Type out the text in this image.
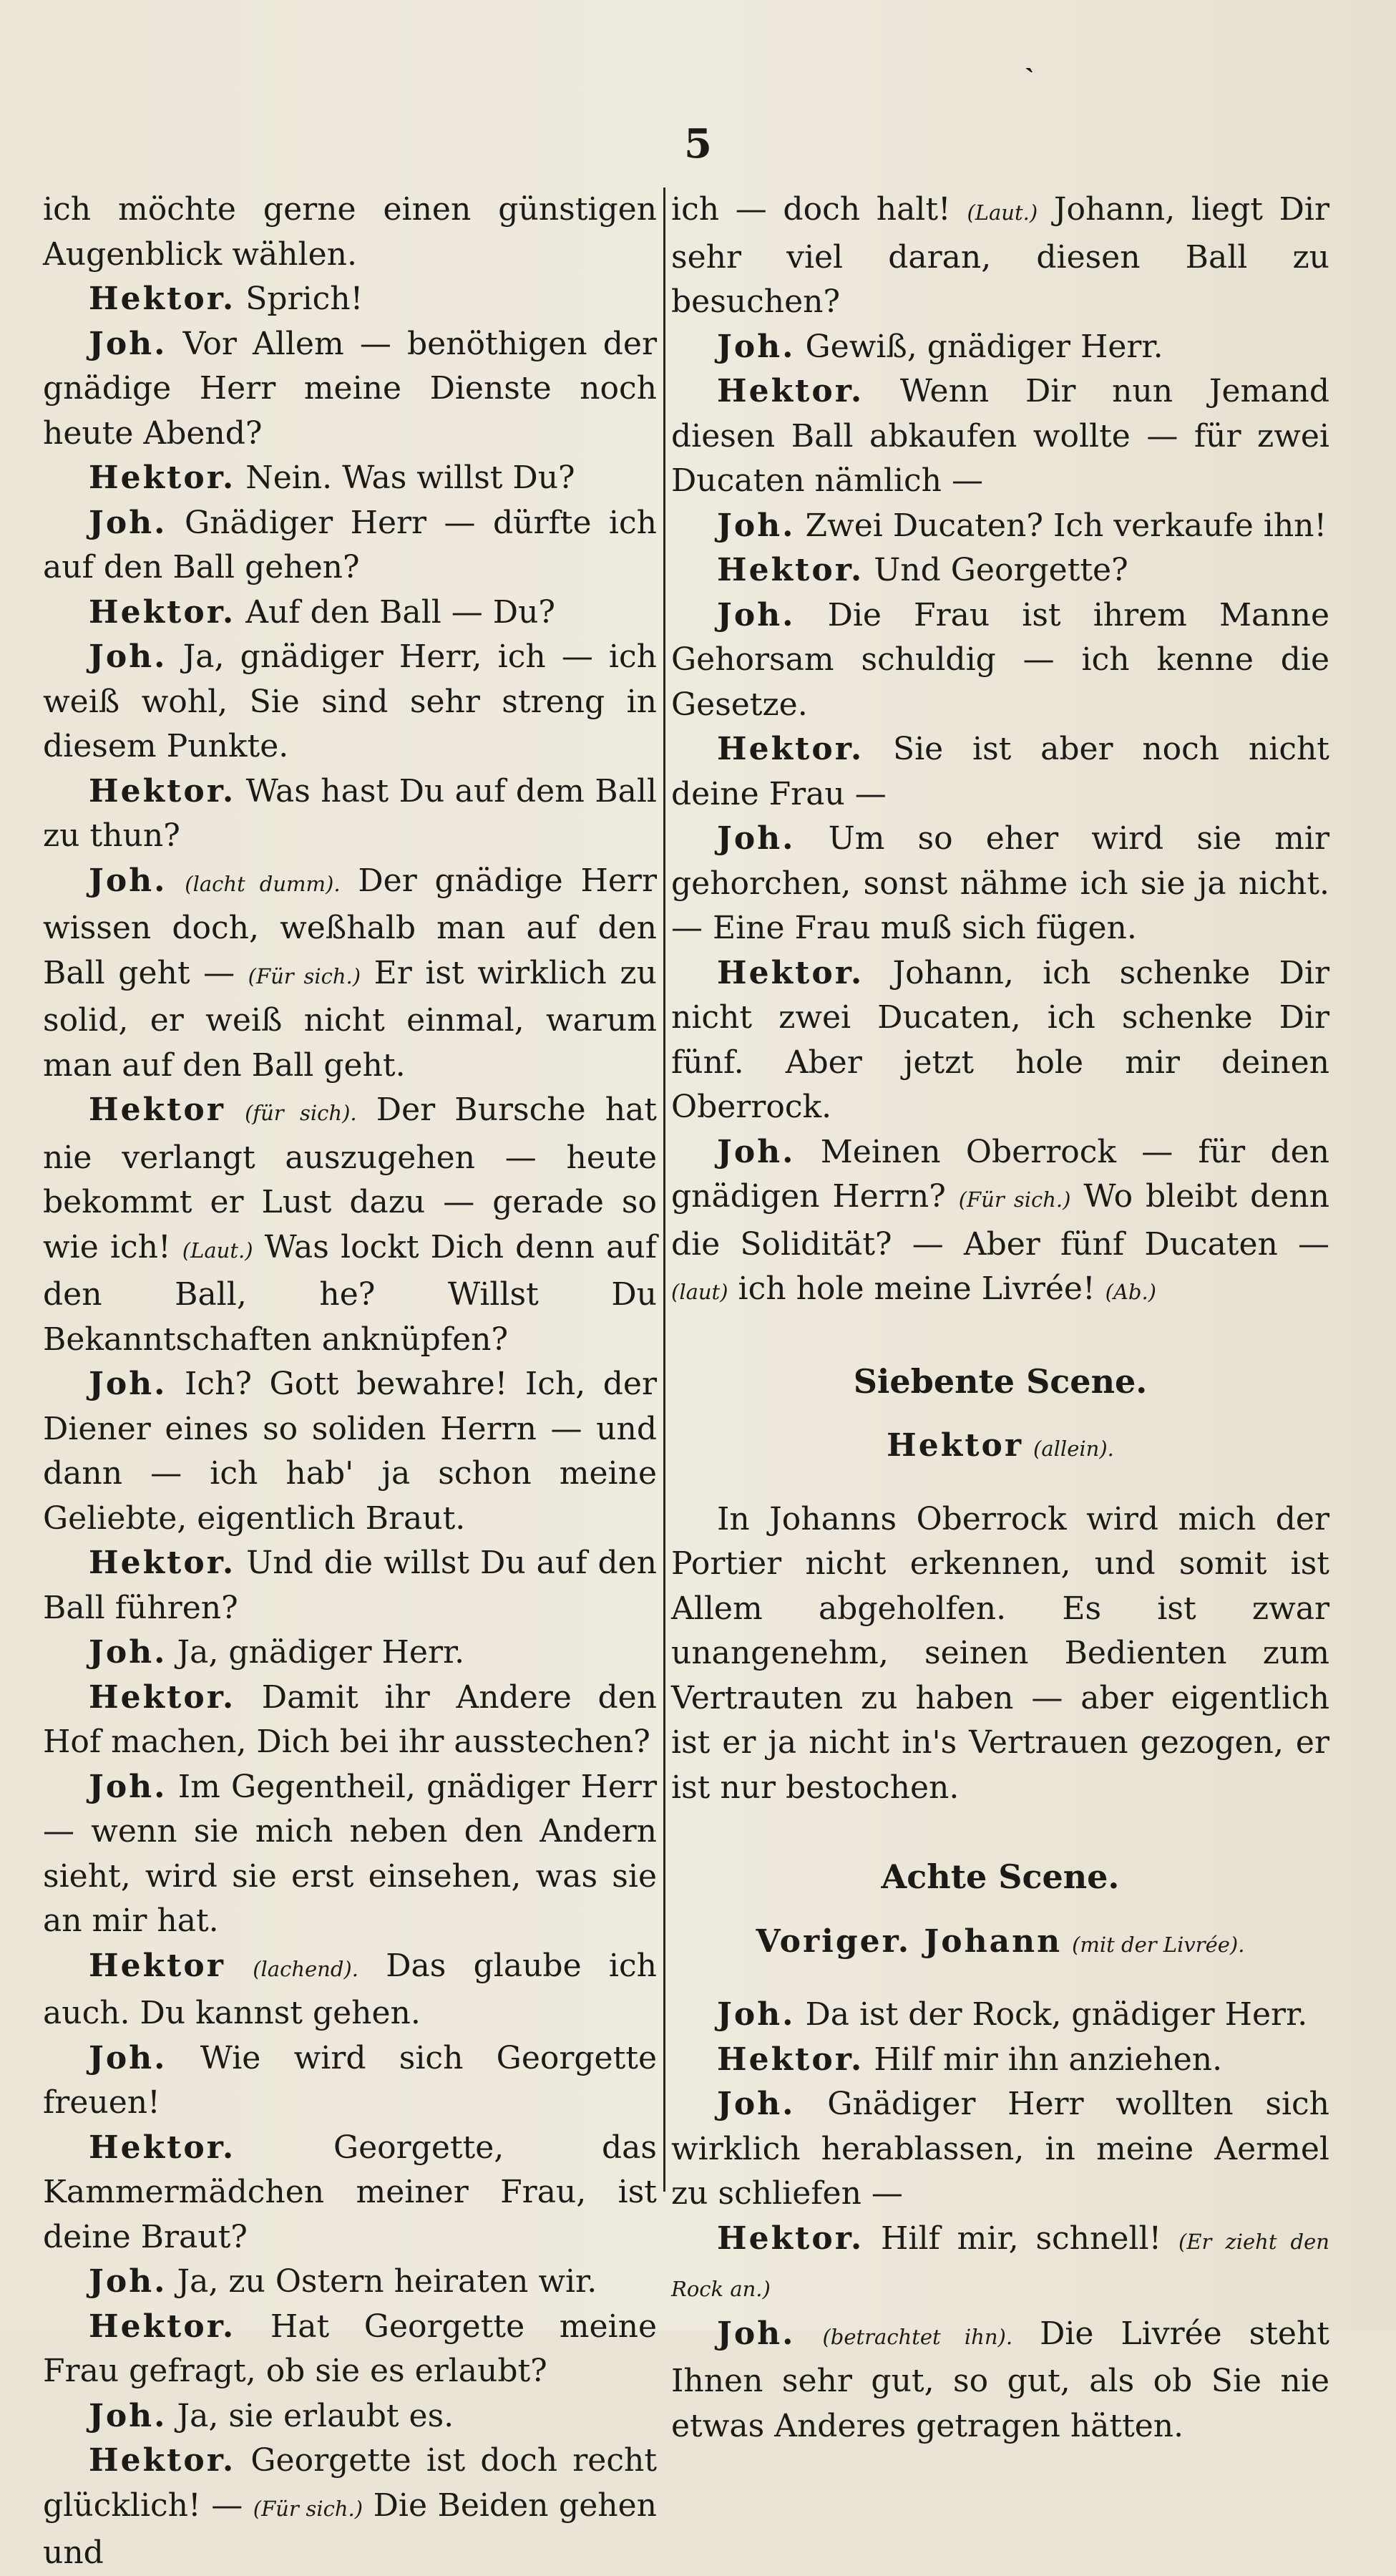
˴
5

ich möchte gerne einen günstigen Augenblick wählen.

Hektor. Sprich!

Joh. Vor Allem — benöthigen der gnädige Herr meine Dienste noch heute Abend?

Hektor. Nein. Was willst Du?

Joh. Gnädiger Herr — dürfte ich auf den Ball gehen?

Hektor. Auf den Ball — Du?

Joh. Ja, gnädiger Herr, ich — ich weiß wohl, Sie sind sehr streng in diesem Punkte.

Hektor. Was hast Du auf dem Ball zu thun?

Joh. (lacht dumm). Der gnädige Herr wissen doch, weßhalb man auf den Ball geht — (Für sich.) Er ist wirklich zu solid, er weiß nicht einmal, warum man auf den Ball geht.

Hektor (für sich). Der Bursche hat nie verlangt auszugehen — heute bekommt er Lust dazu — gerade so wie ich! (Laut.) Was lockt Dich denn auf den Ball, he? Willst Du Bekanntschaften anknüpfen?

Joh. Ich? Gott bewahre! Ich, der Diener eines so soliden Herrn — und dann — ich hab' ja schon meine Geliebte, eigentlich Braut.

Hektor. Und die willst Du auf den Ball führen?

Joh. Ja, gnädiger Herr.

Hektor. Damit ihr Andere den Hof machen, Dich bei ihr ausstechen?

Joh. Im Gegentheil, gnädiger Herr — wenn sie mich neben den Andern sieht, wird sie erst einsehen, was sie an mir hat.

Hektor (lachend). Das glaube ich auch. Du kannst gehen.

Joh. Wie wird sich Georgette freuen!

Hektor.	Georgette, das Kammermädchen meiner Frau, ist deine Braut?

Joh. Ja, zu Ostern heiraten wir.

Hektor. Hat Georgette meine Frau gefragt, ob sie es erlaubt?

Joh. Ja, sie erlaubt es.

Hektor. Georgette ist doch recht glücklich! — (Für sich.) Die Beiden gehen und

ich — doch halt! (Laut.) Johann, liegt Dir sehr viel daran, diesen Ball zu besuchen?

Joh. Gewiß, gnädiger Herr.

Hektor. Wenn Dir nun Jemand diesen Ball abkaufen wollte — für zwei Ducaten nämlich —

Joh. Zwei Ducaten? Ich verkaufe ihn!

Hektor. Und Georgette?

Joh. Die Frau ist ihrem Manne Gehorsam schuldig — ich kenne die Gesetze.

Hektor. Sie ist aber noch nicht deine Frau —

Joh. Um so eher wird sie mir gehorchen, sonst nähme ich sie ja nicht. — Eine Frau muß sich fügen.

Hektor. Johann, ich schenke Dir nicht zwei Ducaten, ich schenke Dir fünf. Aber jetzt hole mir deinen Oberrock.

Joh. Meinen Oberrock — für den gnädigen Herrn? (Für sich.) Wo bleibt denn die Solidität? — Aber fünf Ducaten — (laut) ich hole meine Livrée! (Ab.)

Siebente Scene.
Hektor (allein).

In Johanns Oberrock wird mich der Portier nicht erkennen, und somit ist Allem abgeholfen. Es ist zwar unangenehm, seinen Bedienten zum Vertrauten zu haben — aber eigentlich ist er ja nicht in's Vertrauen gezogen, er ist nur bestochen.

Achte Scene.
Voriger. Johann (mit der Livrée).

Joh. Da ist der Rock, gnädiger Herr.

Hektor. Hilf mir ihn anziehen.

Joh. Gnädiger Herr wollten sich wirklich herablassen, in meine Aermel zu schliefen —

Hektor. Hilf mir, schnell! (Er zieht den Rock an.)

Joh. (betrachtet ihn). Die Livrée steht Ihnen sehr gut, so gut, als ob Sie nie etwas Anderes getragen hätten.
